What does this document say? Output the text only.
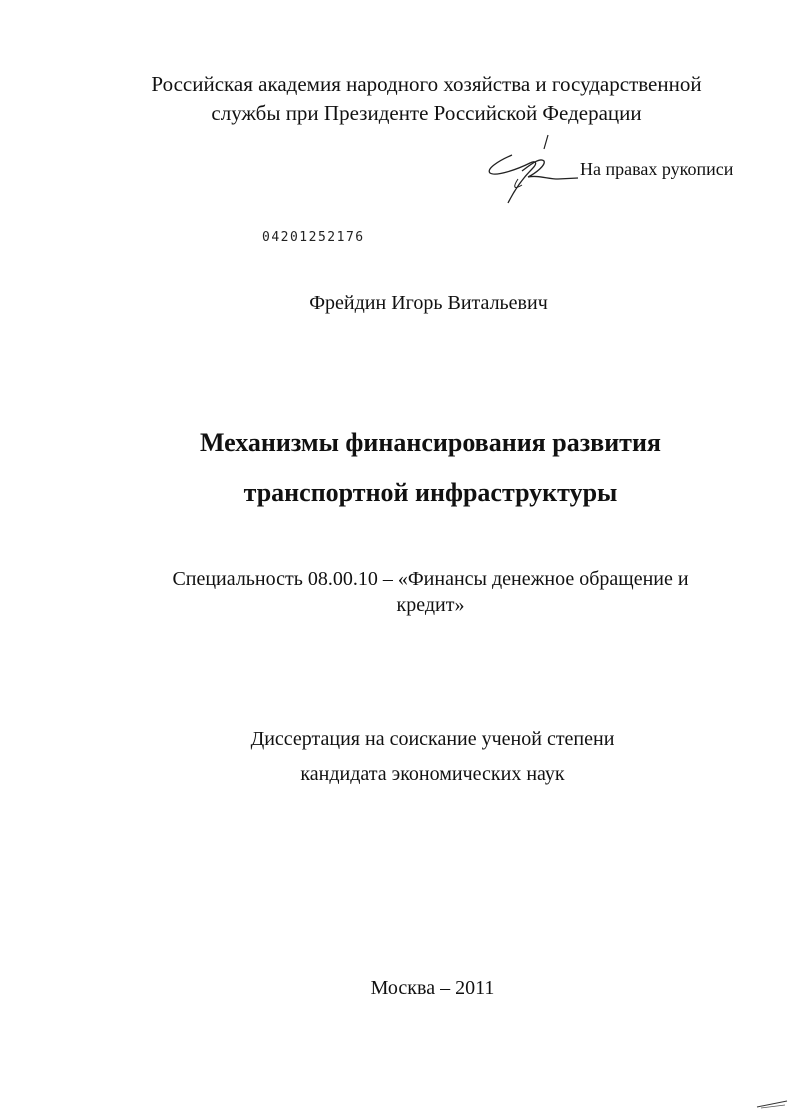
Российская академия народного хозяйства и государственной
службы при Президенте Российской Федерации
На правах рукописи
04201252176
Фрейдин Игорь Витальевич
Механизмы финансирования развития
транспортной инфраструктуры
Специальность 08.00.10 – «Финансы денежное обращение и
кредит»
Диссертация на соискание ученой степени
кандидата экономических наук
Москва – 2011
